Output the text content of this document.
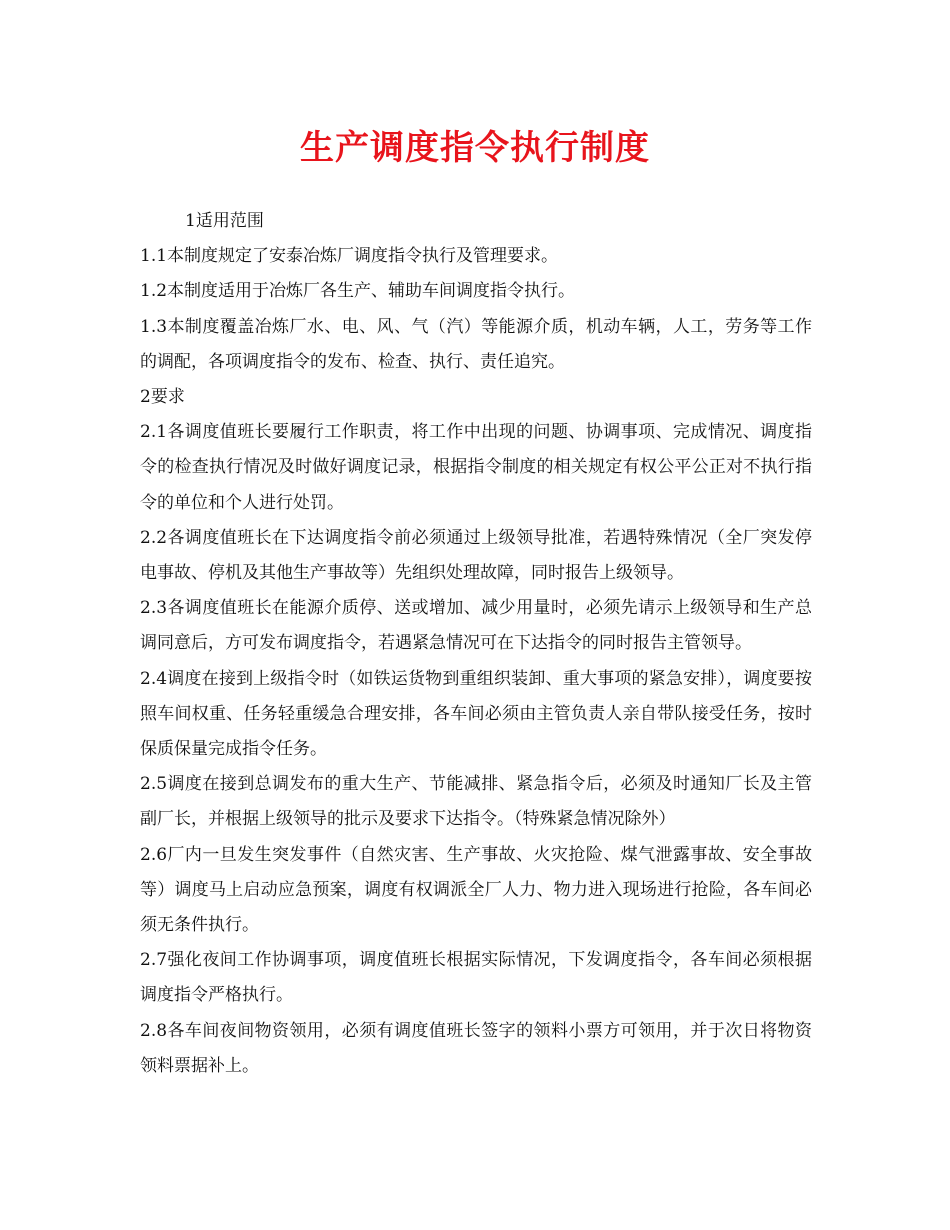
生产调度指令执行制度

1适用范围

1.1本制度规定了安泰冶炼厂调度指令执行及管理要求。

1.2本制度适用于冶炼厂各生产、辅助车间调度指令执行。

1.3本制度覆盖冶炼厂水、电、风、气（汽）等能源介质，机动车辆，人工，劳务等工作的调配，各项调度指令的发布、检查、执行、责任追究。

2要求

2.1各调度值班长要履行工作职责，将工作中出现的问题、协调事项、完成情况、调度指令的检查执行情况及时做好调度记录，根据指令制度的相关规定有权公平公正对不执行指令的单位和个人进行处罚。

2.2各调度值班长在下达调度指令前必须通过上级领导批准，若遇特殊情况（全厂突发停电事故、停机及其他生产事故等）先组织处理故障，同时报告上级领导。

2.3各调度值班长在能源介质停、送或增加、减少用量时，必须先请示上级领导和生产总调同意后，方可发布调度指令，若遇紧急情况可在下达指令的同时报告主管领导。

2.4调度在接到上级指令时（如铁运货物到重组织装卸、重大事项的紧急安排），调度要按照车间权重、任务轻重缓急合理安排，各车间必须由主管负责人亲自带队接受任务，按时保质保量完成指令任务。

2.5调度在接到总调发布的重大生产、节能减排、紧急指令后，必须及时通知厂长及主管副厂长，并根据上级领导的批示及要求下达指令。（特殊紧急情况除外）

2.6厂内一旦发生突发事件（自然灾害、生产事故、火灾抢险、煤气泄露事故、安全事故等）调度马上启动应急预案，调度有权调派全厂人力、物力进入现场进行抢险，各车间必须无条件执行。

2.7强化夜间工作协调事项，调度值班长根据实际情况，下发调度指令，各车间必须根据调度指令严格执行。

2.8各车间夜间物资领用，必须有调度值班长签字的领料小票方可领用，并于次日将物资领料票据补上。
